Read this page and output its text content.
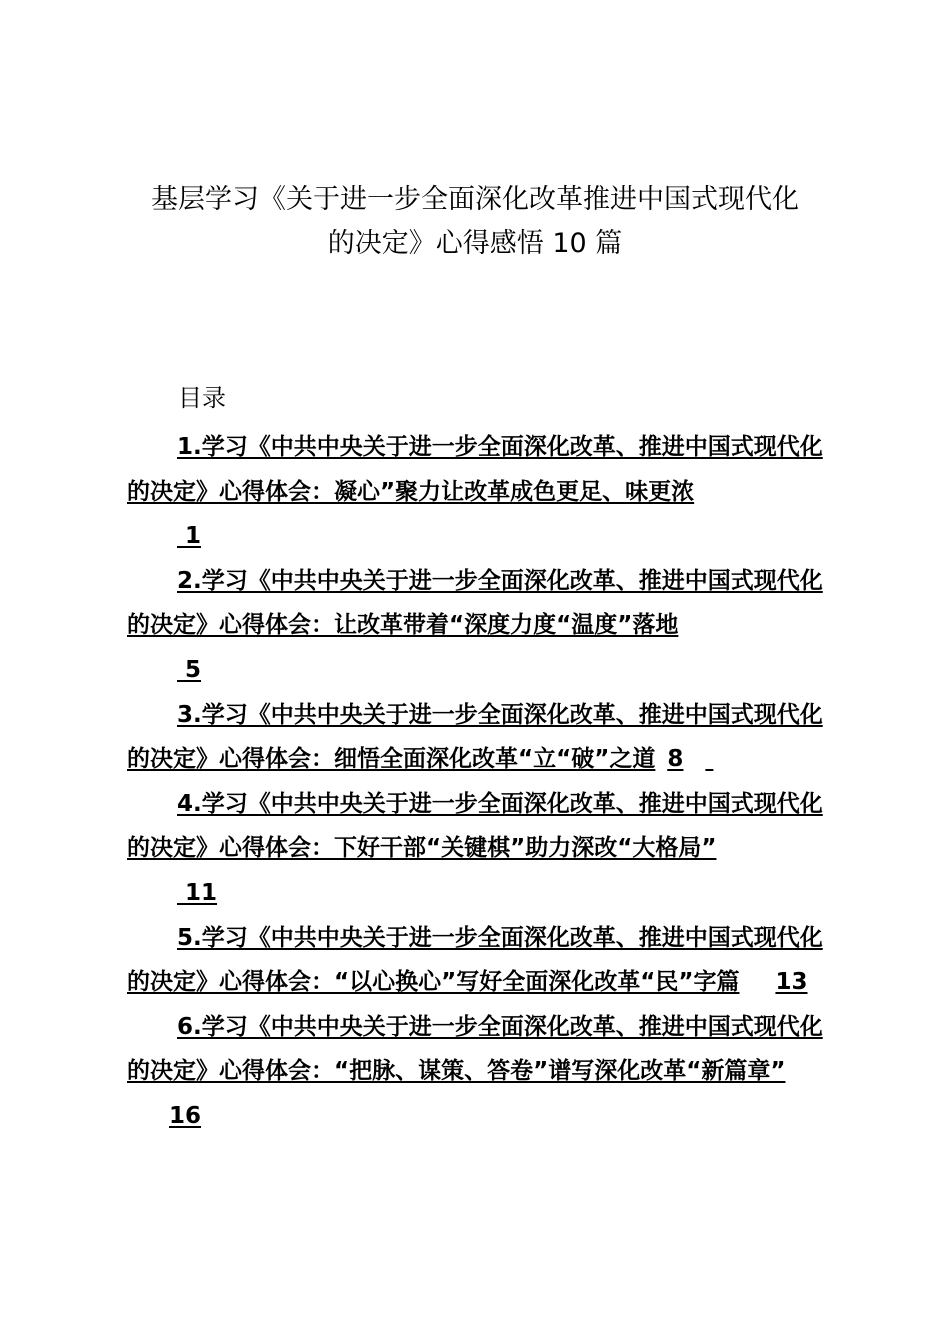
基层学习《关于进一步全面深化改革推进中国式现代化
的决定》心得感悟 10 篇

目录

1.学习《中共中央关于进一步全面深化改革、推进中国式现代化的决定》心得体会：凝心”聚力让改革成色更足、味更浓
1
2.学习《中共中央关于进一步全面深化改革、推进中国式现代化的决定》心得体会：让改革带着“深度力度“温度”落地
5
3.学习《中共中央关于进一步全面深化改革、推进中国式现代化的决定》心得体会：细悟全面深化改革“立“破”之道 8
4.学习《中共中央关于进一步全面深化改革、推进中国式现代化的决定》心得体会：下好干部“关键棋”助力深改“大格局”
11
5.学习《中共中央关于进一步全面深化改革、推进中国式现代化的决定》心得体会：“以心换心”写好全面深化改革“民”字篇 13
6.学习《中共中央关于进一步全面深化改革、推进中国式现代化的决定》心得体会：“把脉、谋策、答卷”谱写深化改革“新篇章” 16
